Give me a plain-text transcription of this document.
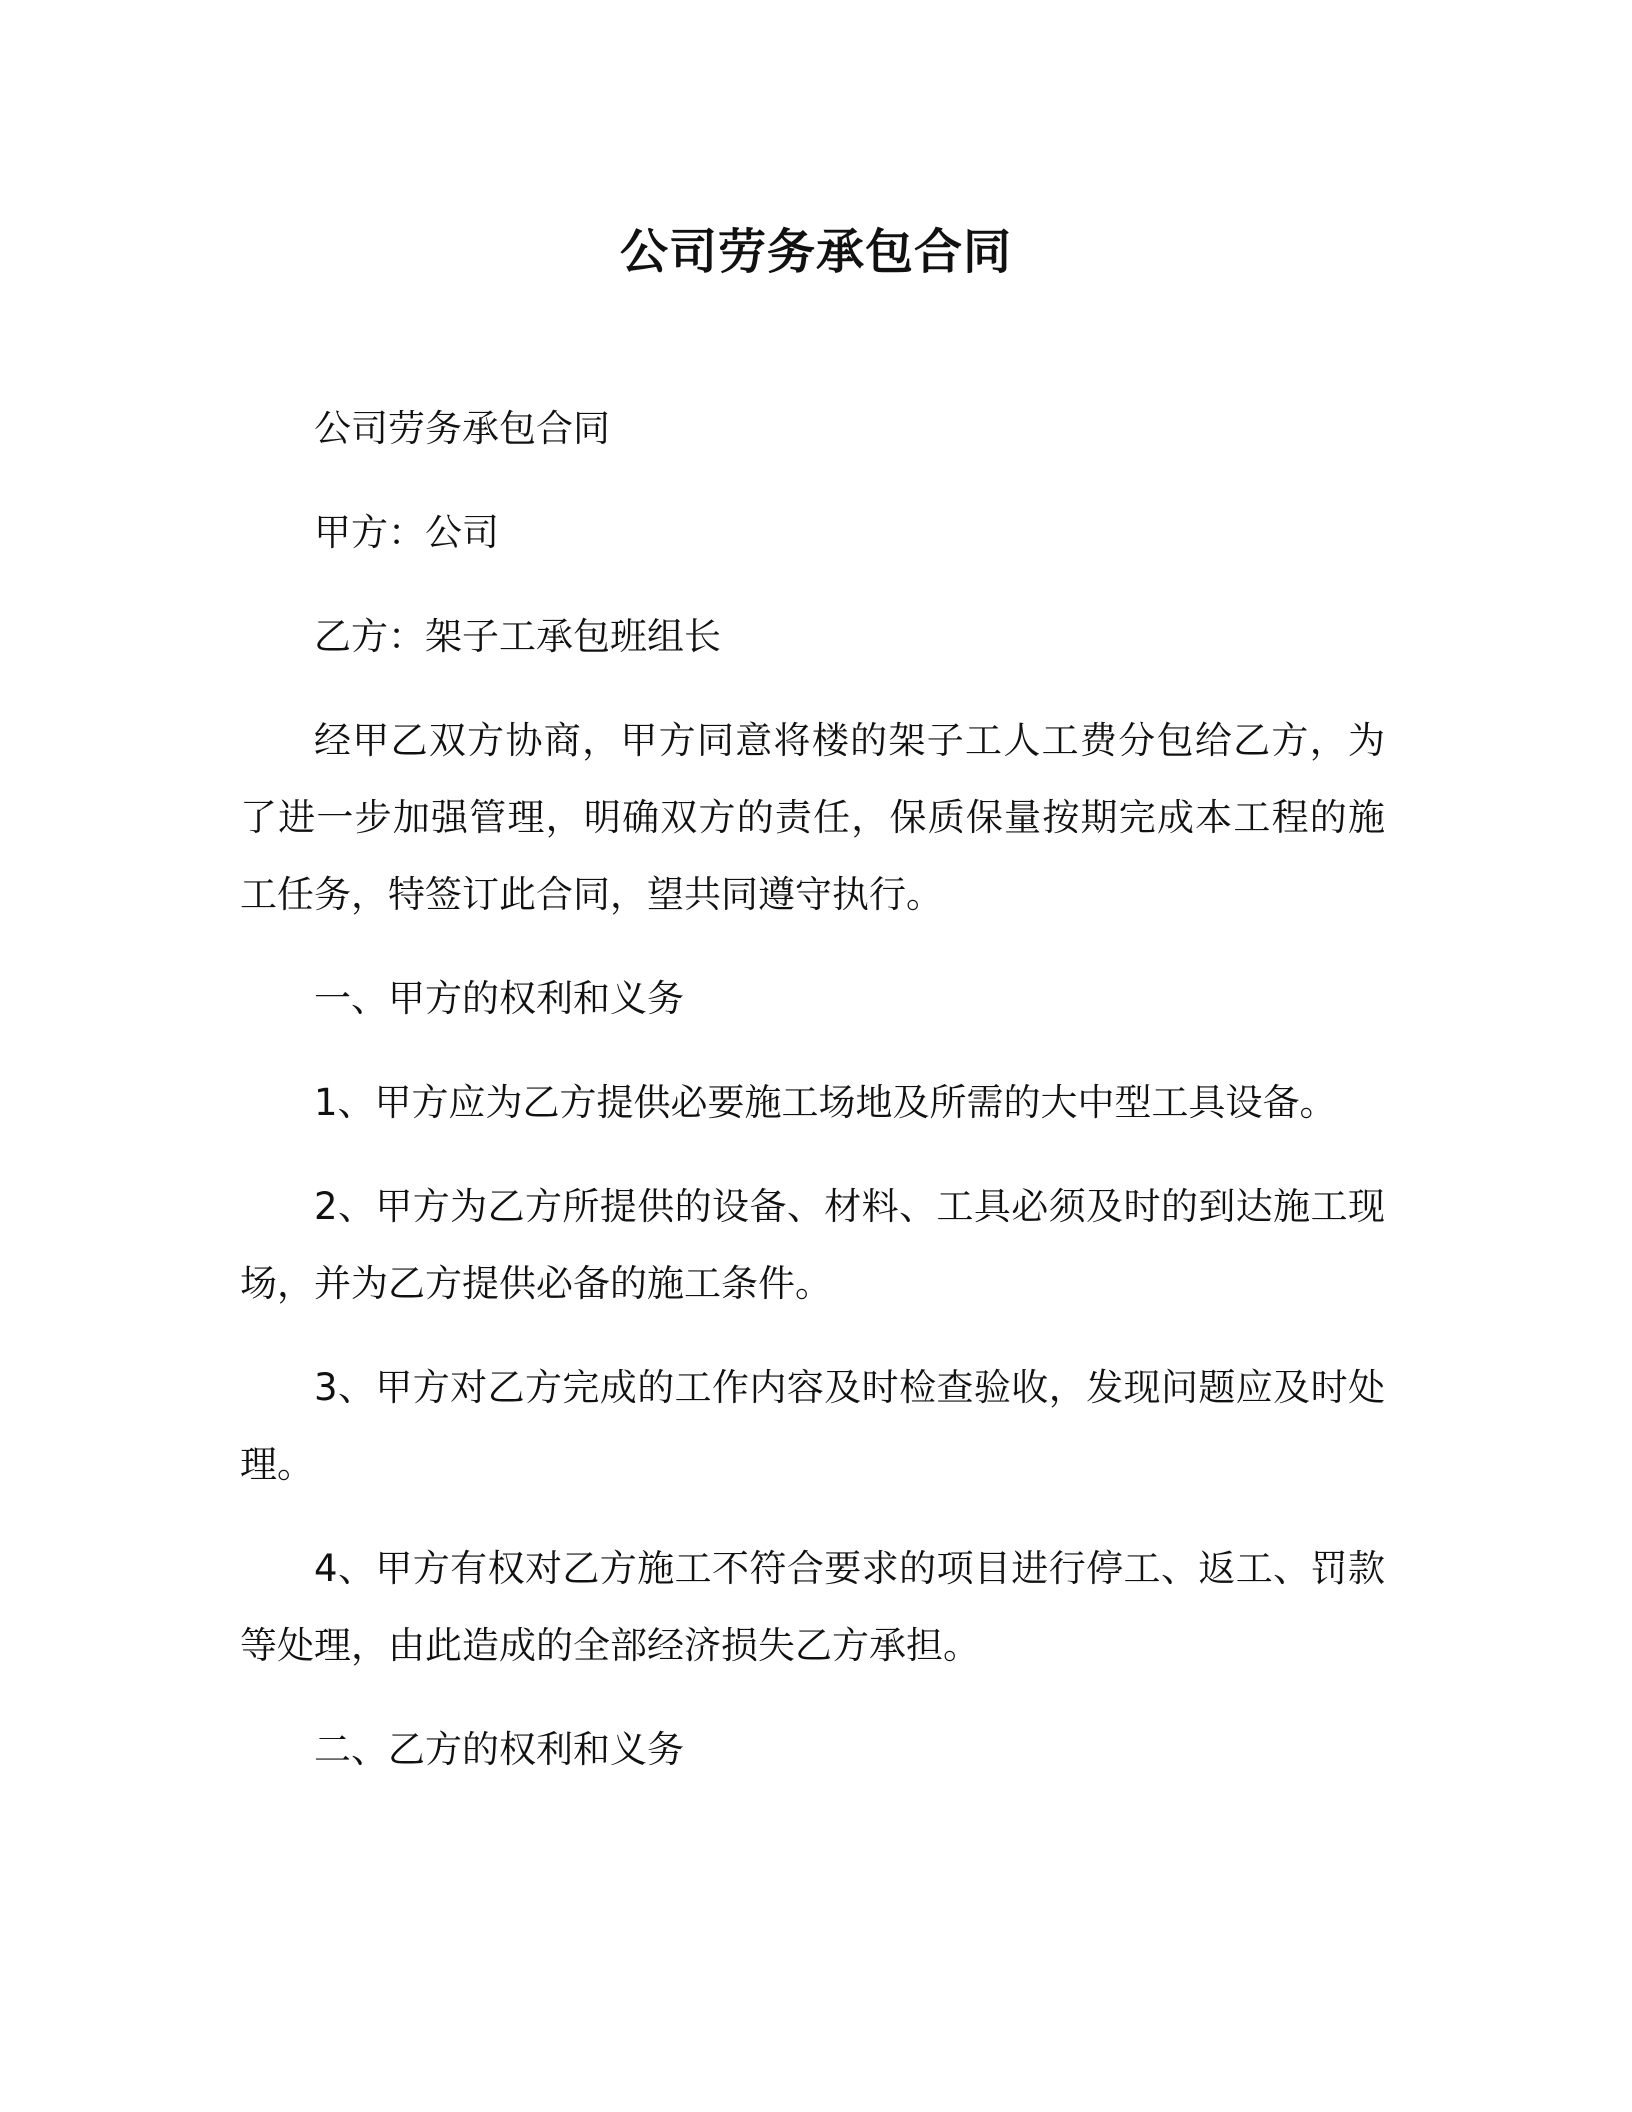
公司劳务承包合同

公司劳务承包合同

甲方：公司

乙方：架子工承包班组长

经甲乙双方协商，甲方同意将楼的架子工人工费分包给乙方，为了进一步加强管理，明确双方的责任，保质保量按期完成本工程的施工任务，特签订此合同，望共同遵守执行。

一、甲方的权利和义务

1、甲方应为乙方提供必要施工场地及所需的大中型工具设备。

2、甲方为乙方所提供的设备、材料、工具必须及时的到达施工现场，并为乙方提供必备的施工条件。

3、甲方对乙方完成的工作内容及时检查验收，发现问题应及时处理。

4、甲方有权对乙方施工不符合要求的项目进行停工、返工、罚款等处理，由此造成的全部经济损失乙方承担。

二、乙方的权利和义务
